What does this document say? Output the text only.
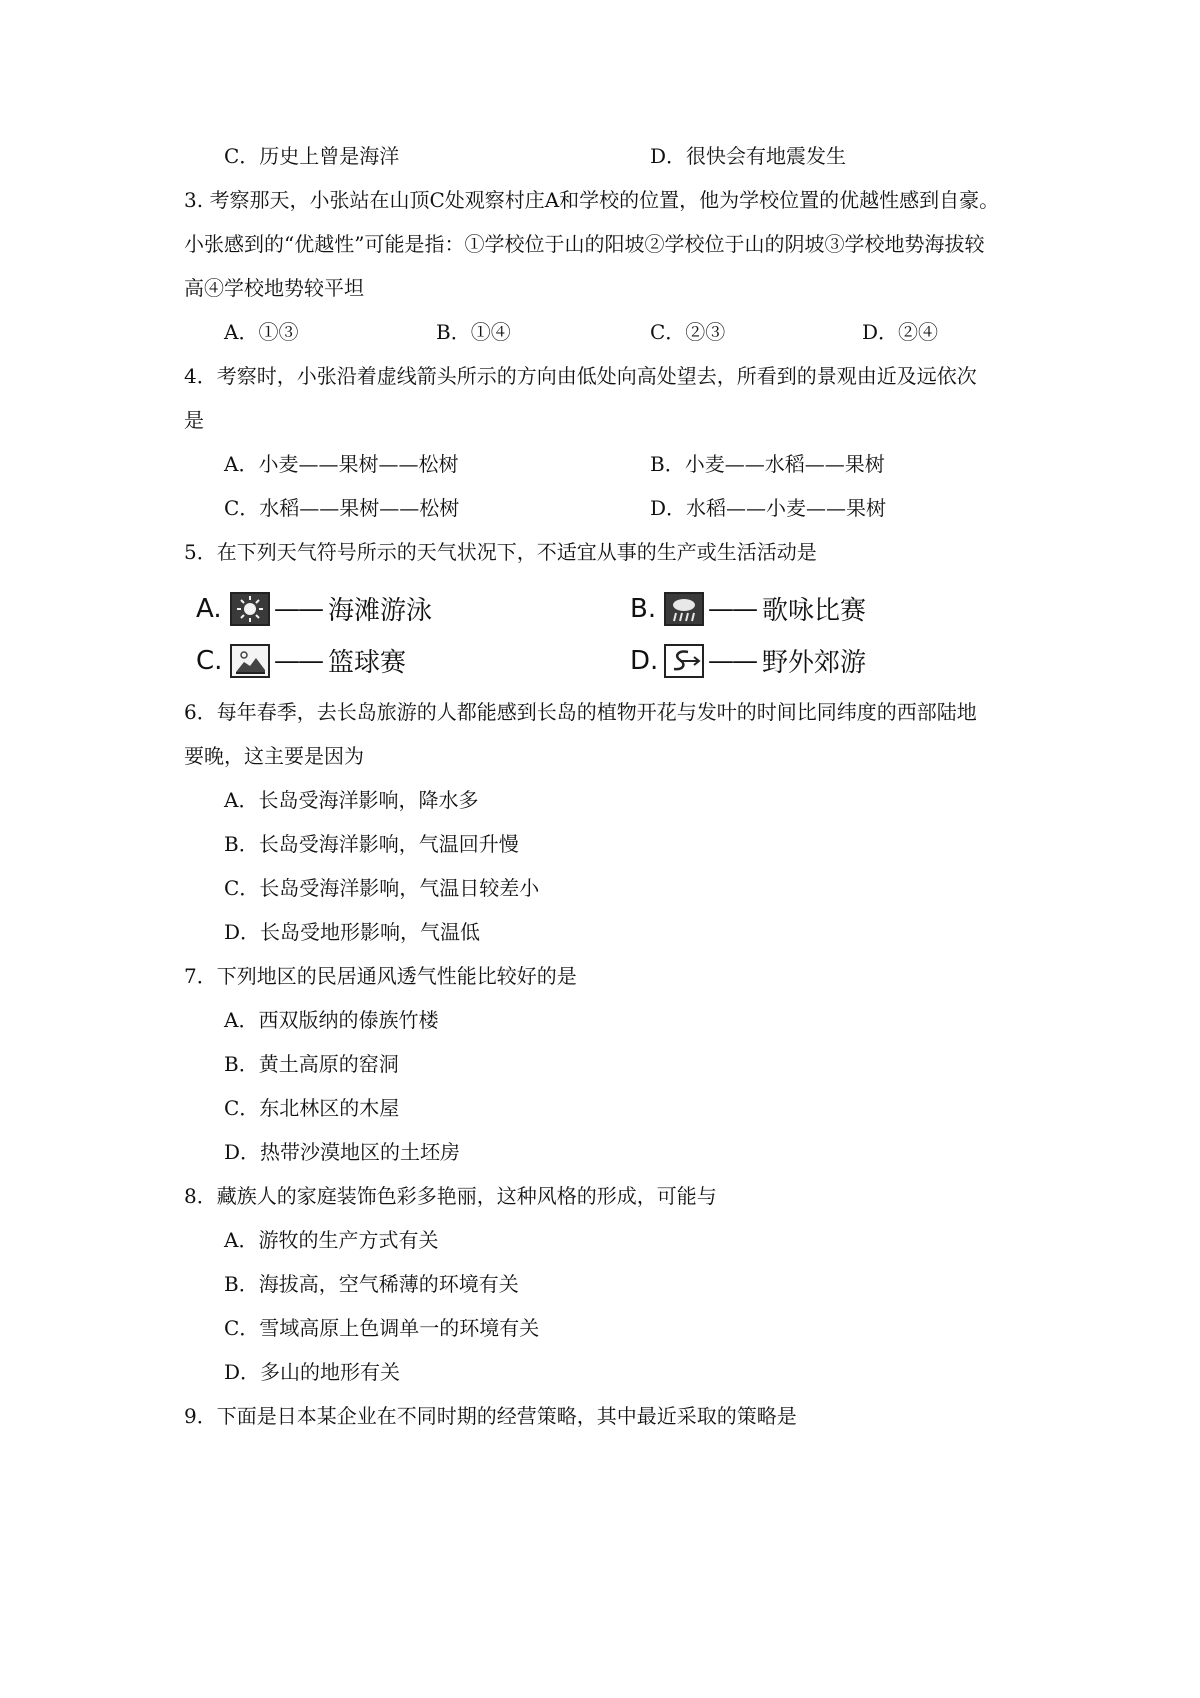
C．历史上曾是海洋	D．很快会有地震发生
3. 考察那天，小张站在山顶C处观察村庄A和学校的位置，他为学校位置的优越性感到自豪。
小张感到的“优越性”可能是指：①学校位于山的阳坡②学校位于山的阴坡③学校地势海拔较
高④学校地势较平坦
A．①③	B．①④	C．②③	D．②④
4．考察时，小张沿着虚线箭头所示的方向由低处向高处望去，所看到的景观由近及远依次
是
A．小麦——果树——松树	B．小麦——水稻——果树
C．水稻——果树——松树	D．水稻——小麦——果树
5．在下列天气符号所示的天气状况下，不适宜从事的生产或生活活动是
A.	—— 海滩游泳	B.	—— 歌咏比赛
C. —— 篮球赛	D. —— 野外郊游
6．每年春季，去长岛旅游的人都能感到长岛的植物开花与发叶的时间比同纬度的西部陆地
要晚，这主要是因为
A．长岛受海洋影响，降水多
B．长岛受海洋影响，气温回升慢
C．长岛受海洋影响，气温日较差小
D．长岛受地形影响，气温低
7．下列地区的民居通风透气性能比较好的是
A．西双版纳的傣族竹楼
B．黄土高原的窑洞
C．东北林区的木屋
D．热带沙漠地区的土坯房
8．藏族人的家庭装饰色彩多艳丽，这种风格的形成，可能与
A．游牧的生产方式有关
B．海拔高，空气稀薄的环境有关
C．雪域高原上色调单一的环境有关
D．多山的地形有关
9．下面是日本某企业在不同时期的经营策略，其中最近采取的策略是
